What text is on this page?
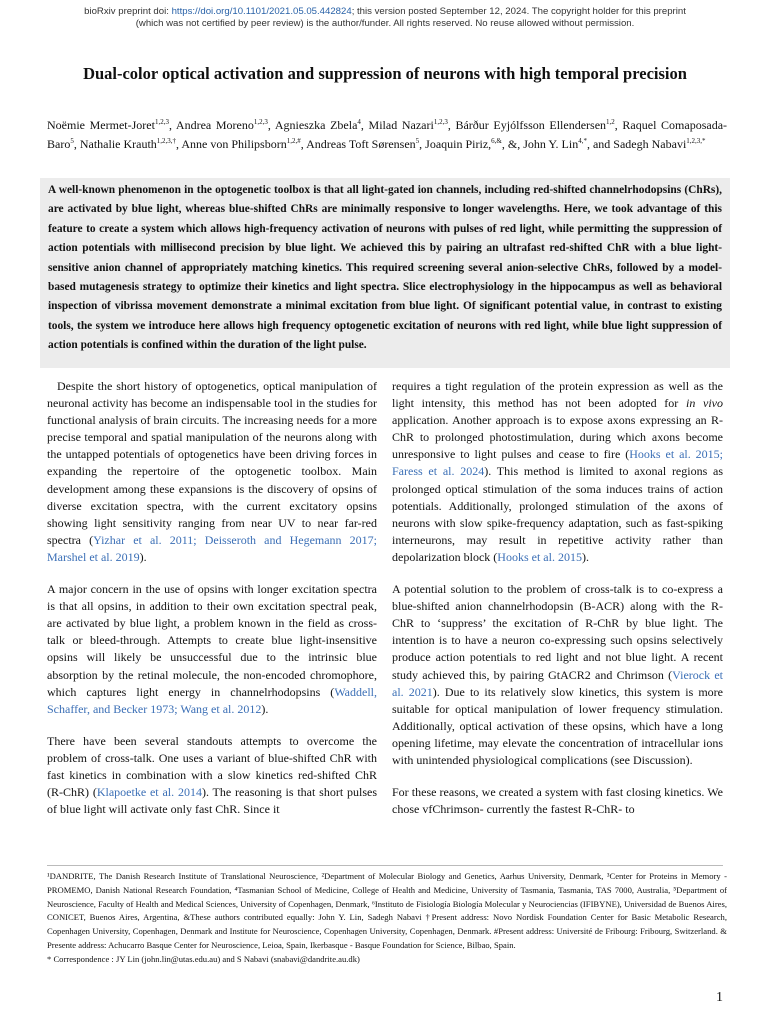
bioRxiv preprint doi: https://doi.org/10.1101/2021.05.05.442824; this version posted September 12, 2024. The copyright holder for this preprint
(which was not certified by peer review) is the author/funder. All rights reserved. No reuse allowed without permission.
Dual-color optical activation and suppression of neurons with high temporal precision
Noëmie Mermet-Joret$^{1,2,3}$, Andrea Moreno$^{1,2,3}$, Agnieszka Zbela$^4$, Milad Nazari$^{1,2,3}$, Bárður Eyjólfsson Ellendersen$^{1,2}$, Raquel Comaposada-Baro$^5$, Nathalie Krauth$^{1,2,3,\dagger}$, Anne von Philipsborn$^{1,2,\#}$, Andreas Toft Sørensen$^5$, Joaquin Piriz,$^{6,\&}$, &, John Y. Lin$^{4,*}$, and Sadegh Nabavi$^{1,2,3,*}$
A well-known phenomenon in the optogenetic toolbox is that all light-gated ion channels, including red-shifted channelrhodopsins (ChRs), are activated by blue light, whereas blue-shifted ChRs are minimally responsive to longer wavelengths. Here, we took advantage of this feature to create a system which allows high-frequency activation of neurons with pulses of red light, while permitting the suppression of action potentials with millisecond precision by blue light. We achieved this by pairing an ultrafast red-shifted ChR with a blue light-sensitive anion channel of appropriately matching kinetics. This required screening several anion-selective ChRs, followed by a model-based mutagenesis strategy to optimize their kinetics and light spectra. Slice electrophysiology in the hippocampus as well as behavioral inspection of vibrissa movement demonstrate a minimal excitation from blue light. Of significant potential value, in contrast to existing tools, the system we introduce here allows high frequency optogenetic excitation of neurons with red light, while blue light suppression of action potentials is confined within the duration of the light pulse.

Despite the short history of optogenetics, optical manipulation of neuronal activity has become an indispensable tool in the studies for functional analysis of brain circuits. The increasing needs for a more precise temporal and spatial manipulation of the neurons along with the untapped potentials of optogenetics have been driving forces in expanding the repertoire of the optogenetic toolbox. Main development among these expansions is the discovery of opsins of diverse excitation spectra, with the current excitatory opsins showing light sensitivity ranging from near UV to near far-red spectra (Yizhar et al. 2011; Deisseroth and Hegemann 2017; Marshel et al. 2019).

A major concern in the use of opsins with longer excitation spectra is that all opsins, in addition to their own excitation spectral peak, are activated by blue light, a problem known in the field as cross-talk or bleed-through. Attempts to create blue light-insensitive opsins will likely be unsuccessful due to the intrinsic blue absorption by the retinal molecule, the non-encoded chromophore, which captures light energy in channelrhodopsins (Waddell, Schaffer, and Becker 1973; Wang et al. 2012).

There have been several standouts attempts to overcome the problem of cross-talk. One uses a variant of blue-shifted ChR with fast kinetics in combination with a slow kinetics red-shifted ChR (R-ChR) (Klapoetke et al. 2014). The reasoning is that short pulses of blue light will activate only fast ChR. Since it

requires a tight regulation of the protein expression as well as the light intensity, this method has not been adopted for in vivo application. Another approach is to expose axons expressing an R-ChR to prolonged photostimulation, during which axons become unresponsive to light pulses and cease to fire (Hooks et al. 2015; Faress et al. 2024). This method is limited to axonal regions as prolonged optical stimulation of the soma induces trains of action potentials. Additionally, prolonged stimulation of the axons of neurons with slow spike-frequency adaptation, such as fast-spiking interneurons, may result in repetitive activity rather than depolarization block (Hooks et al. 2015).

A potential solution to the problem of cross-talk is to co-express a blue-shifted anion channelrhodopsin (B-ACR) along with the R-ChR to ‘suppress’ the excitation of R-ChR by blue light. The intention is to have a neuron co-expressing such opsins selectively produce action potentials to red light and not blue light. A recent study achieved this, by pairing GtACR2 and Chrimson (Vierock et al. 2021). Due to its relatively slow kinetics, this system is more suitable for optical manipulation of lower frequency stimulation. Additionally, optical activation of these opsins, which have a long opening lifetime, may elevate the concentration of intracellular ions with unintended physiological complications (see Discussion).

For these reasons, we created a system with fast closing kinetics. We chose vfChrimson- currently the fastest R-ChR- to

¹DANDRITE, The Danish Research Institute of Translational Neuroscience, ²Department of Molecular Biology and Genetics, Aarhus University, Denmark, ³Center for Proteins in Memory - PROMEMO, Danish National Research Foundation, ⁴Tasmanian School of Medicine, College of Health and Medicine, University of Tasmania, Tasmania, TAS 7000, Australia, ⁵Department of Neuroscience, Faculty of Health and Medical Sciences, University of Copenhagen, Denmark, ⁶Instituto de Fisiología Biología Molecular y Neurociencias (IFIBYNE), Universidad de Buenos Aires, CONICET, Buenos Aires, Argentina, &These authors contributed equally: John Y. Lin, Sadegh Nabavi †Present address: Novo Nordisk Foundation Center for Basic Metabolic Research, Copenhagen University, Copenhagen, Denmark and Institute for Neuroscience, Copenhagen University, Copenhagen, Denmark. #Present address: Université de Fribourg: Fribourg, Switzerland. & Presente address: Achucarro Basque Center for Neuroscience, Leioa, Spain, Ikerbasque - Basque Foundation for Science, Bilbao, Spain.
* Correspondence : JY Lin (john.lin@utas.edu.au) and S Nabavi (snabavi@dandrite.au.dk)
1
